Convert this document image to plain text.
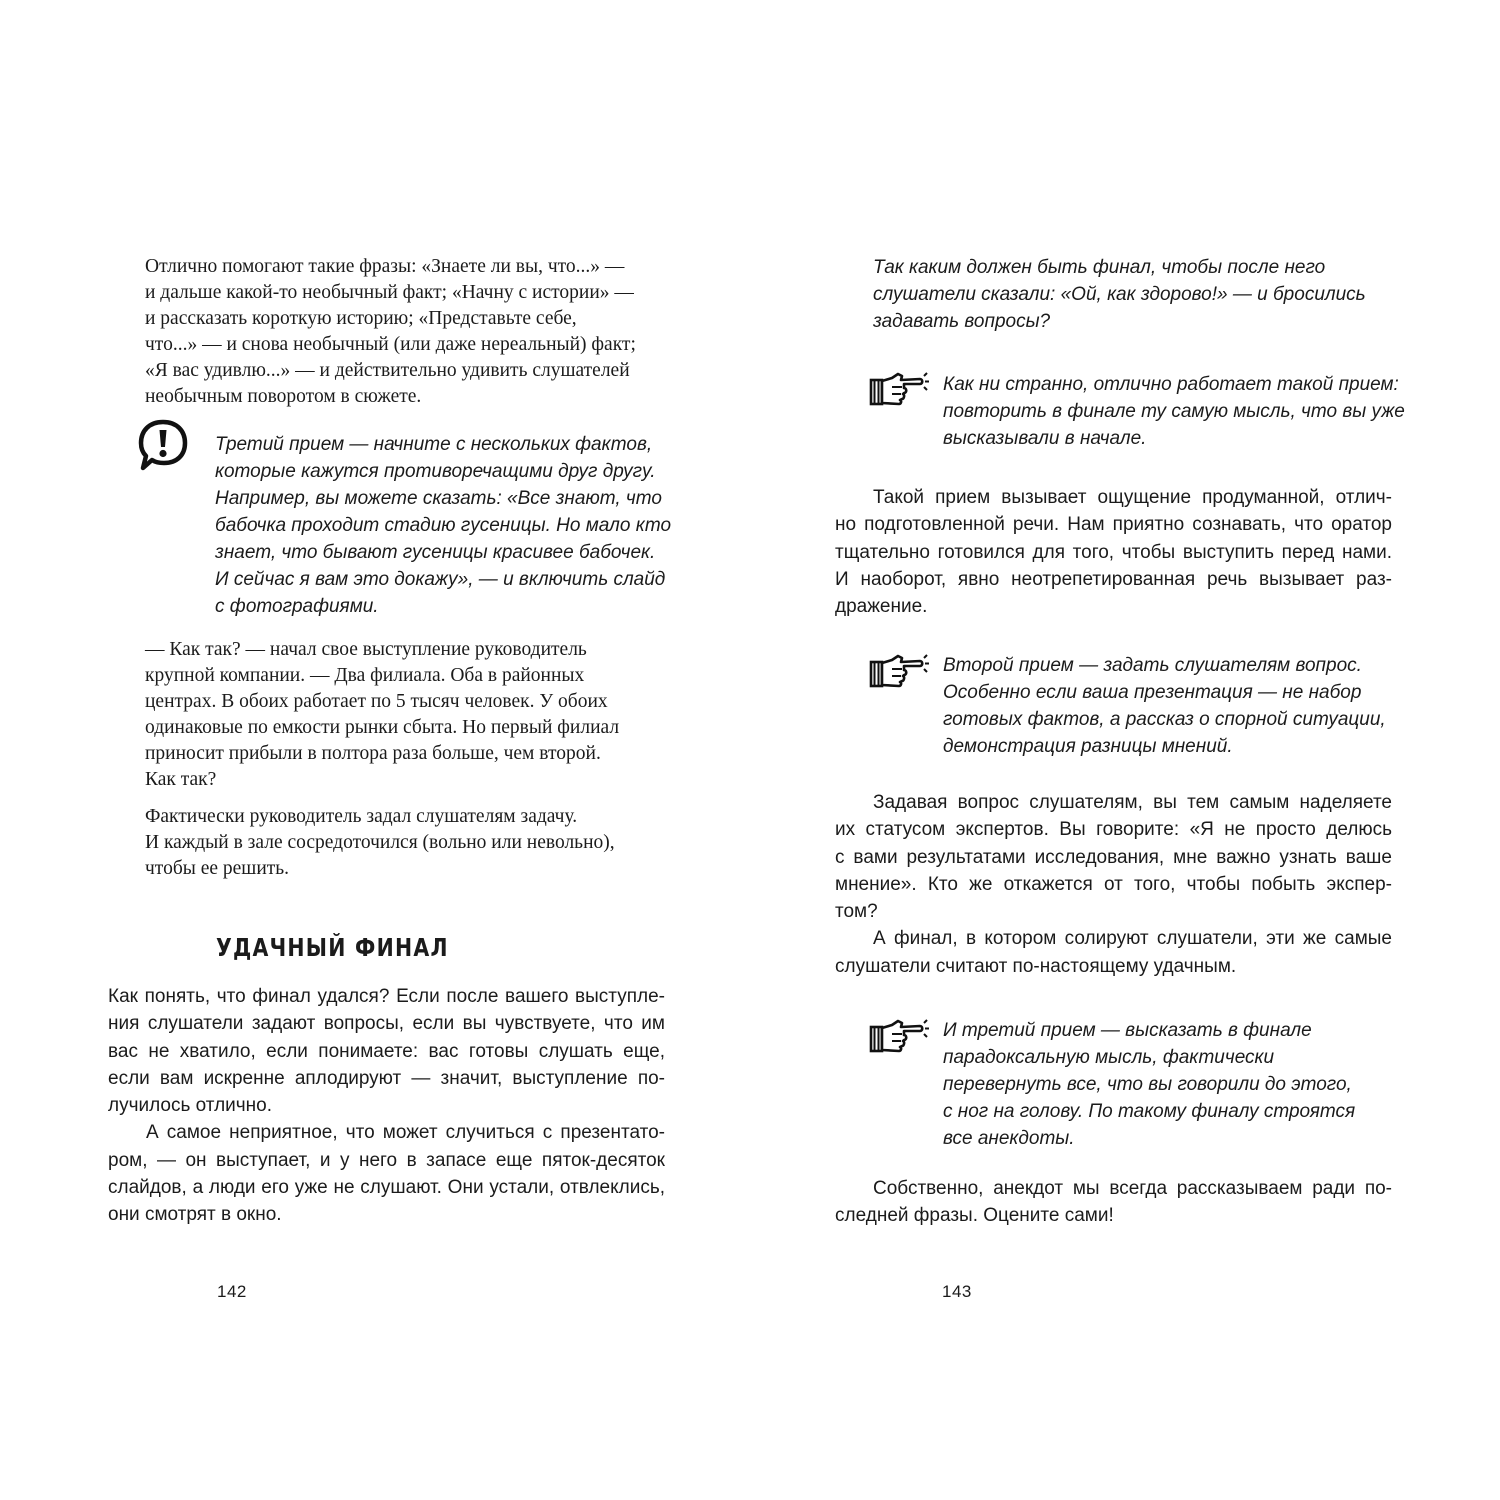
Отлично помогают такие фразы: «Знаете ли вы, что...» —
и дальше какой-то необычный факт; «Начну с истории» —
и рассказать короткую историю; «Представьте себе,
что...» — и снова необычный (или даже нереальный) факт;
«Я вас удивлю...» — и действительно удивить слушателей
необычным поворотом в сюжете.
Третий прием — начните с нескольких фактов,
которые кажутся противоречащими друг другу.
Например, вы можете сказать: «Все знают, что
бабочка проходит стадию гусеницы. Но мало кто
знает, что бывают гусеницы красивее бабочек.
И сейчас я вам это докажу», — и включить слайд
с фотографиями.
— Как так? — начал свое выступление руководитель
крупной компании. — Два филиала. Оба в районных
центрах. В обоих работает по 5 тысяч человек. У обоих
одинаковые по емкости рынки сбыта. Но первый филиал
приносит прибыли в полтора раза больше, чем второй.
Как так?
Фактически руководитель задал слушателям задачу.
И каждый в зале сосредоточился (вольно или невольно),
чтобы ее решить.
УДАЧНЫЙ ФИНАЛ
Как понять, что финал удался? Если после вашего выступле-
ния слушатели задают вопросы, если вы чувствуете, что им
вас не хватило, если понимаете: вас готовы слушать еще,
если вам искренне аплодируют — значит, выступление по-
лучилось отлично.
А самое неприятное, что может случиться с презентато-
ром, — он выступает, и у него в запасе еще пяток-десяток
слайдов, а люди его уже не слушают. Они устали, отвлеклись,
они смотрят в окно.
142
Так каким должен быть финал, чтобы после него
слушатели сказали: «Ой, как здорово!» — и бросились
задавать вопросы?
Как ни странно, отлично работает такой прием:
повторить в финале ту самую мысль, что вы уже
высказывали в начале.
Такой прием вызывает ощущение продуманной, отлич-
но подготовленной речи. Нам приятно сознавать, что оратор
тщательно готовился для того, чтобы выступить перед нами.
И наоборот, явно неотрепетированная речь вызывает раз-
дражение.
Второй прием — задать слушателям вопрос.
Особенно если ваша презентация — не набор
готовых фактов, а рассказ о спорной ситуации,
демонстрация разницы мнений.
Задавая вопрос слушателям, вы тем самым наделяете
их статусом экспертов. Вы говорите: «Я не просто делюсь
с вами результатами исследования, мне важно узнать ваше
мнение». Кто же откажется от того, чтобы побыть экспер-
том?
А финал, в котором солируют слушатели, эти же самые
слушатели считают по-настоящему удачным.
И третий прием — высказать в финале
парадоксальную мысль, фактически
перевернуть все, что вы говорили до этого,
с ног на голову. По такому финалу строятся
все анекдоты.
Собственно, анекдот мы всегда рассказываем ради по-
следней фразы. Оцените сами!
143
